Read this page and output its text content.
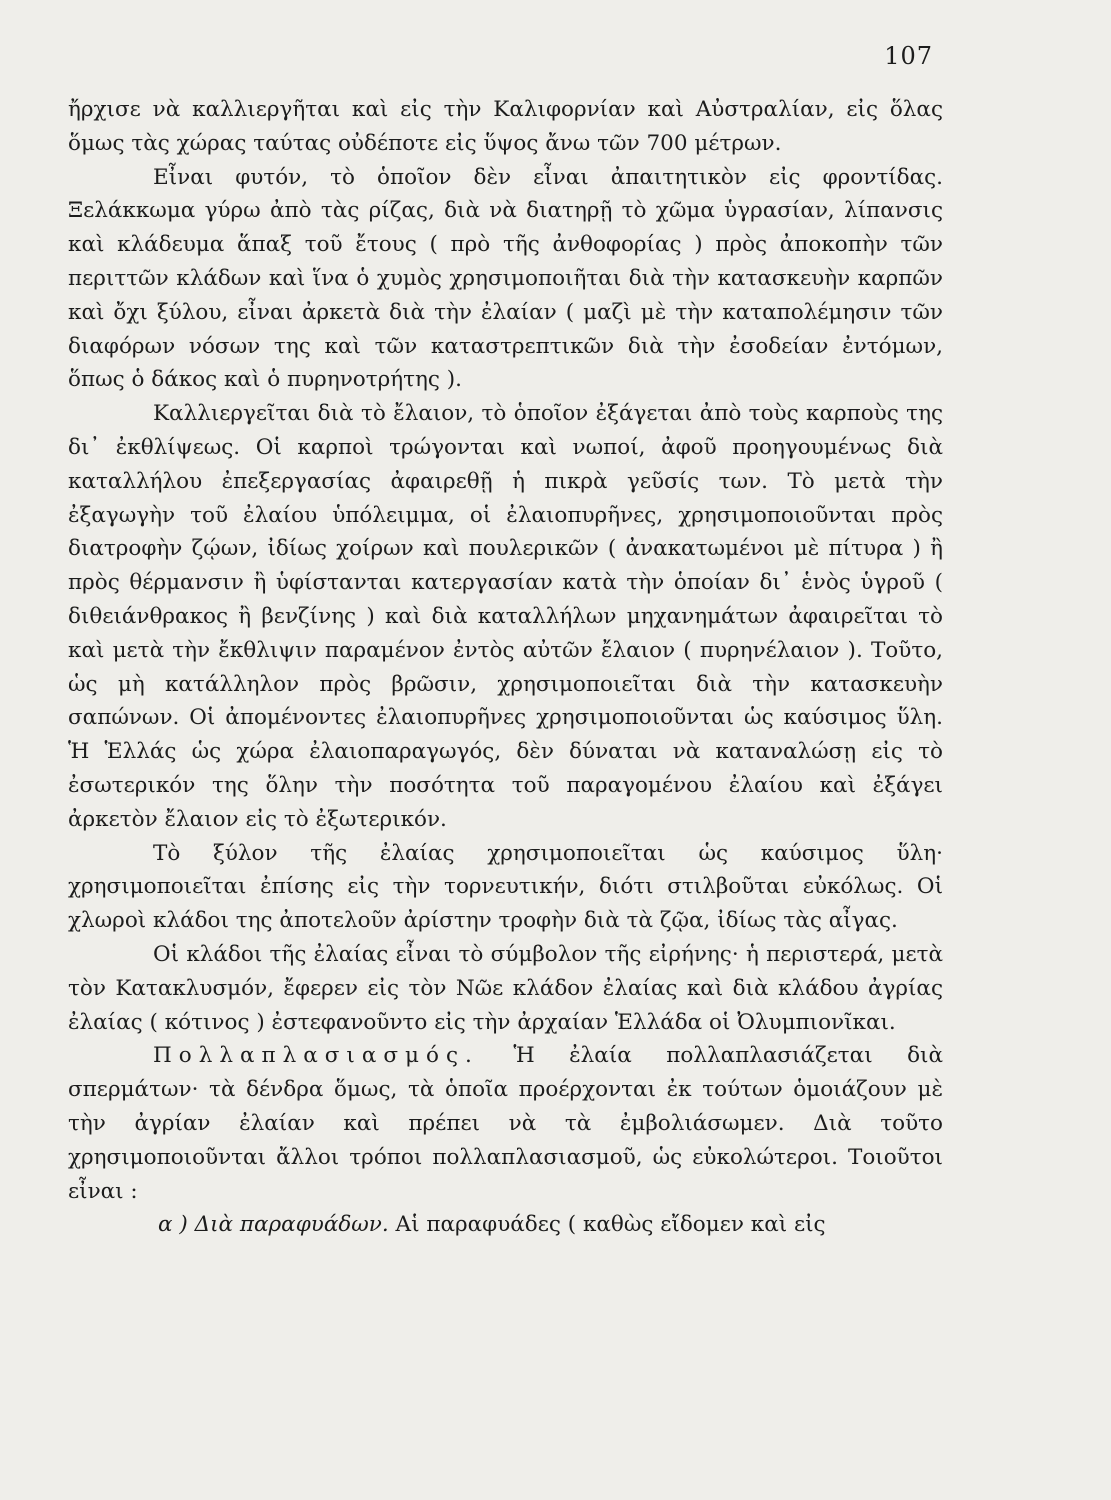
107

ἤρχισε νὰ καλλιεργῆται καὶ εἰς τὴν Καλιφορνίαν καὶ Αὐστραλίαν, εἰς ὅλας ὅμως τὰς χώρας ταύτας οὐδέποτε εἰς ὕψος ἄνω τῶν 700 μέτρων.

Εἶναι φυτόν, τὸ ὁποῖον δὲν εἶναι ἀπαιτητικὸν εἰς φροντίδας. Ξελάκκωμα γύρω ἀπὸ τὰς ρίζας, διὰ νὰ διατηρῇ τὸ χῶμα ὑγρασίαν, λίπανσις καὶ κλάδευμα ἅπαξ τοῦ ἔτους ( πρὸ τῆς ἀνθοφορίας ) πρὸς ἀποκοπὴν τῶν περιττῶν κλάδων καὶ ἵνα ὁ χυμὸς χρησιμοποιῆται διὰ τὴν κατασκευὴν καρπῶν καὶ ὄχι ξύλου, εἶναι ἀρκετὰ διὰ τὴν ἐλαίαν ( μαζὶ μὲ τὴν καταπολέμησιν τῶν διαφόρων νόσων της καὶ τῶν καταστρεπτικῶν διὰ τὴν ἐσοδείαν ἐντόμων, ὅπως ὁ δάκος καὶ ὁ πυρηνοτρήτης ).

Καλλιεργεῖται διὰ τὸ ἔλαιον, τὸ ὁποῖον ἐξάγεται ἀπὸ τοὺς καρποὺς της δι᾽ ἐκθλίψεως. Οἱ καρποὶ τρώγονται καὶ νωποί, ἀφοῦ προηγουμένως διὰ καταλλήλου ἐπεξεργασίας ἀφαιρεθῇ ἡ πικρὰ γεῦσίς των. Τὸ μετὰ τὴν ἐξαγωγὴν τοῦ ἐλαίου ὑπόλειμμα, οἱ ἐλαιοπυρῆνες, χρησιμοποιοῦνται πρὸς διατροφὴν ζῴων, ἰδίως χοίρων καὶ πουλερικῶν ( ἀνακατωμένοι μὲ πίτυρα ) ἢ πρὸς θέρμανσιν ἢ ὑφίστανται κατεργασίαν κατὰ τὴν ὁποίαν δι᾽ ἑνὸς ὑγροῦ ( διθειάνθρακος ἢ βενζίνης ) καὶ διὰ καταλλήλων μηχανημάτων ἀφαιρεῖται τὸ καὶ μετὰ τὴν ἔκθλιψιν παραμένον ἐντὸς αὐτῶν ἔλαιον ( πυρηνέλαιον ). Τοῦτο, ὡς μὴ κατάλληλον πρὸς βρῶσιν, χρησιμοποιεῖται διὰ τὴν κατασκευὴν σαπώνων. Οἱ ἀπομένοντες ἐλαιοπυρῆνες χρησιμοποιοῦνται ὡς καύσιμος ὕλη. Ἡ Ἑλλάς ὡς χώρα ἐλαιοπαραγωγός, δὲν δύναται νὰ καταναλώσῃ εἰς τὸ ἐσωτερικόν της ὅλην τὴν ποσότητα τοῦ παραγομένου ἐλαίου καὶ ἐξάγει ἀρκετὸν ἔλαιον εἰς τὸ ἐξωτερικόν.

Τὸ ξύλον τῆς ἐλαίας χρησιμοποιεῖται ὡς καύσιμος ὕλη· χρησιμοποιεῖται ἐπίσης εἰς τὴν τορνευτικήν, διότι στιλβοῦται εὐκόλως. Οἱ χλωροὶ κλάδοι της ἀποτελοῦν ἀρίστην τροφὴν διὰ τὰ ζῷα, ἰδίως τὰς αἶγας.

Οἱ κλάδοι τῆς ἐλαίας εἶναι τὸ σύμβολον τῆς εἰρήνης· ἡ περιστερά, μετὰ τὸν Κατακλυσμόν, ἔφερεν εἰς τὸν Νῶε κλάδον ἐλαίας καὶ διὰ κλάδου ἀγρίας ἐλαίας ( κότινος ) ἐστεφανοῦντο εἰς τὴν ἀρχαίαν Ἑλλάδα οἱ Ὀλυμπιονῖκαι.

Πολλαπλασιασμός. Ἡ ἐλαία πολλαπλασιάζεται διὰ σπερμάτων· τὰ δένδρα ὅμως, τὰ ὁποῖα προέρχονται ἐκ τούτων ὁμοιάζουν μὲ τὴν ἀγρίαν ἐλαίαν καὶ πρέπει νὰ τὰ ἐμβολιάσωμεν. Διὰ τοῦτο χρησιμοποιοῦνται ἄλλοι τρόποι πολλαπλασιασμοῦ, ὡς εὐκολώτεροι. Τοιοῦτοι εἶναι :

α ) Διὰ παραφυάδων. Αἱ παραφυάδες ( καθὼς εἴδομεν καὶ εἰς
